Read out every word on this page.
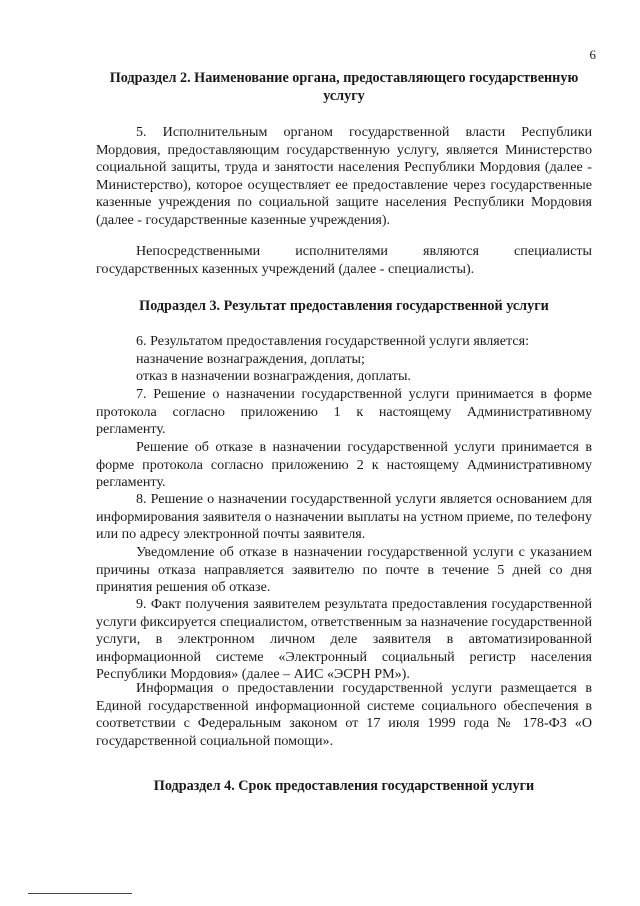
6

Подраздел 2. Наименование органа, предоставляющего государственную услугу

5. Исполнительным органом государственной власти Республики Мордовия, предоставляющим государственную услугу, является Министерство социальной защиты, труда и занятости населения Республики Мордовия (далее - Министерство), которое осуществляет ее предоставление через государственные казенные учреждения по социальной защите населения Республики Мордовия (далее - государственные казенные учреждения).

Непосредственными исполнителями являются специалисты государственных казенных учреждений (далее - специалисты).

Подраздел 3. Результат предоставления государственной услуги

6. Результатом предоставления государственной услуги является:

назначение вознаграждения, доплаты;

отказ в назначении вознаграждения, доплаты.

7. Решение о назначении государственной услуги принимается в форме протокола согласно приложению 1 к настоящему Административному регламенту.

Решение об отказе в назначении государственной услуги принимается в форме протокола согласно приложению 2 к настоящему Административному регламенту.

8. Решение о назначении государственной услуги является основанием для информирования заявителя о назначении выплаты на устном приеме, по телефону или по адресу электронной почты заявителя.

Уведомление об отказе в назначении государственной услуги с указанием причины отказа направляется заявителю по почте в течение 5 дней со дня принятия решения об отказе.

9. Факт получения заявителем результата предоставления государственной услуги фиксируется специалистом, ответственным за назначение государственной услуги, в электронном личном деле заявителя в автоматизированной информационной системе «Электронный социальный регистр населения Республики Мордовия» (далее – АИС «ЭСРН РМ»).

Информация о предоставлении государственной услуги размещается в Единой государственной информационной системе социального обеспечения в соответствии с Федеральным законом от 17 июля 1999 года № 178-ФЗ «О государственной социальной помощи».

Подраздел 4. Срок предоставления государственной услуги
